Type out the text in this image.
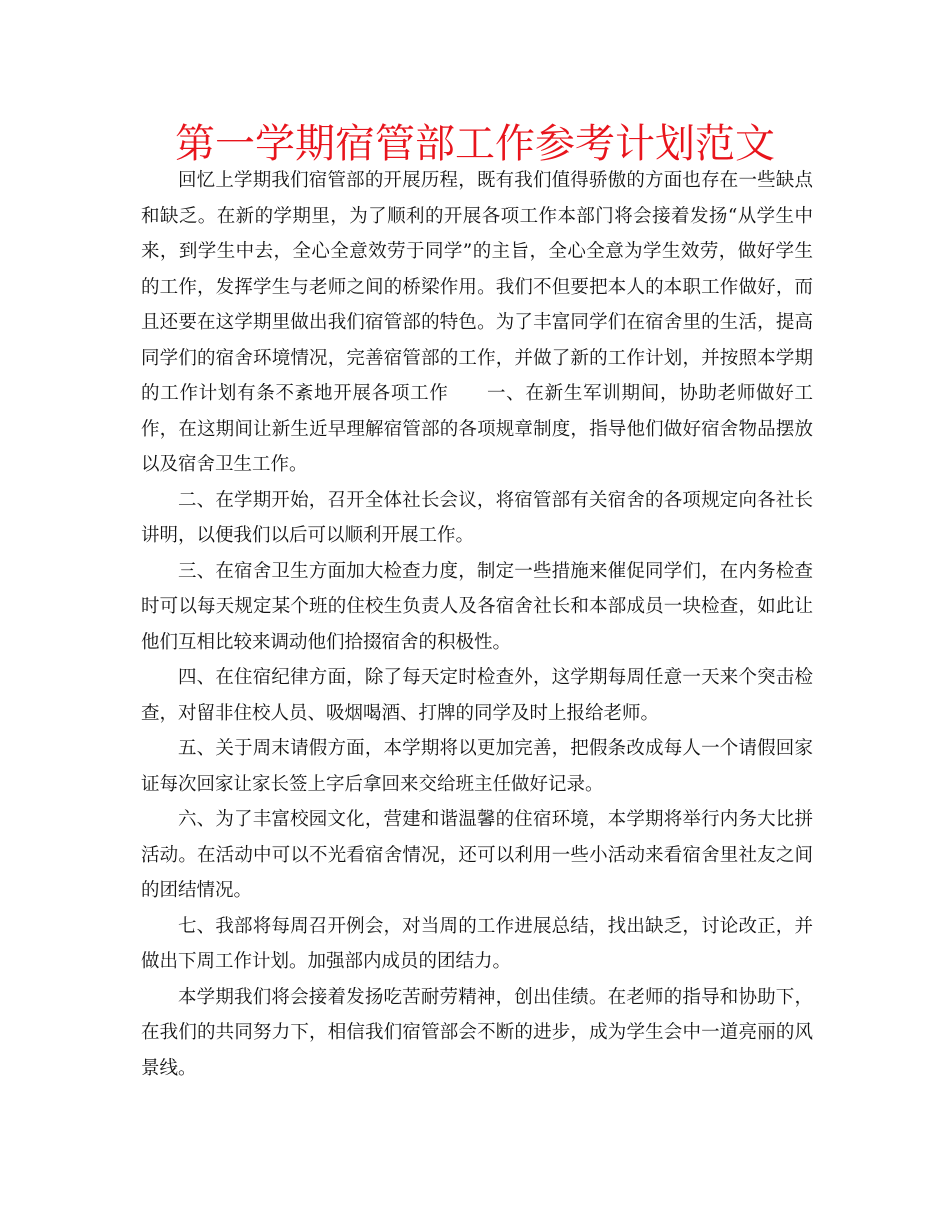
第一学期宿管部工作参考计划范文

回忆上学期我们宿管部的开展历程，既有我们值得骄傲的方面也存在一些缺点和缺乏。在新的学期里，为了顺利的开展各项工作本部门将会接着发扬“从学生中来，到学生中去，全心全意效劳于同学”的主旨，全心全意为学生效劳，做好学生的工作，发挥学生与老师之间的桥梁作用。我们不但要把本人的本职工作做好，而且还要在这学期里做出我们宿管部的特色。为了丰富同学们在宿舍里的生活，提高同学们的宿舍环境情况，完善宿管部的工作，并做了新的工作计划，并按照本学期的工作计划有条不紊地开展各项工作　　一、在新生军训期间，协助老师做好工作，在这期间让新生近早理解宿管部的各项规章制度，指导他们做好宿舍物品摆放以及宿舍卫生工作。

二、在学期开始，召开全体社长会议，将宿管部有关宿舍的各项规定向各社长讲明，以便我们以后可以顺利开展工作。

三、在宿舍卫生方面加大检查力度，制定一些措施来催促同学们，在内务检查时可以每天规定某个班的住校生负责人及各宿舍社长和本部成员一块检查，如此让他们互相比较来调动他们拾掇宿舍的积极性。

四、在住宿纪律方面，除了每天定时检查外，这学期每周任意一天来个突击检查，对留非住校人员、吸烟喝酒、打牌的同学及时上报给老师。

五、关于周末请假方面，本学期将以更加完善，把假条改成每人一个请假回家证每次回家让家长签上字后拿回来交给班主任做好记录。

六、为了丰富校园文化，营建和谐温馨的住宿环境，本学期将举行内务大比拼活动。在活动中可以不光看宿舍情况，还可以利用一些小活动来看宿舍里社友之间的团结情况。

七、我部将每周召开例会，对当周的工作进展总结，找出缺乏，讨论改正，并做出下周工作计划。加强部内成员的团结力。

本学期我们将会接着发扬吃苦耐劳精神，创出佳绩。在老师的指导和协助下，在我们的共同努力下，相信我们宿管部会不断的进步，成为学生会中一道亮丽的风景线。
